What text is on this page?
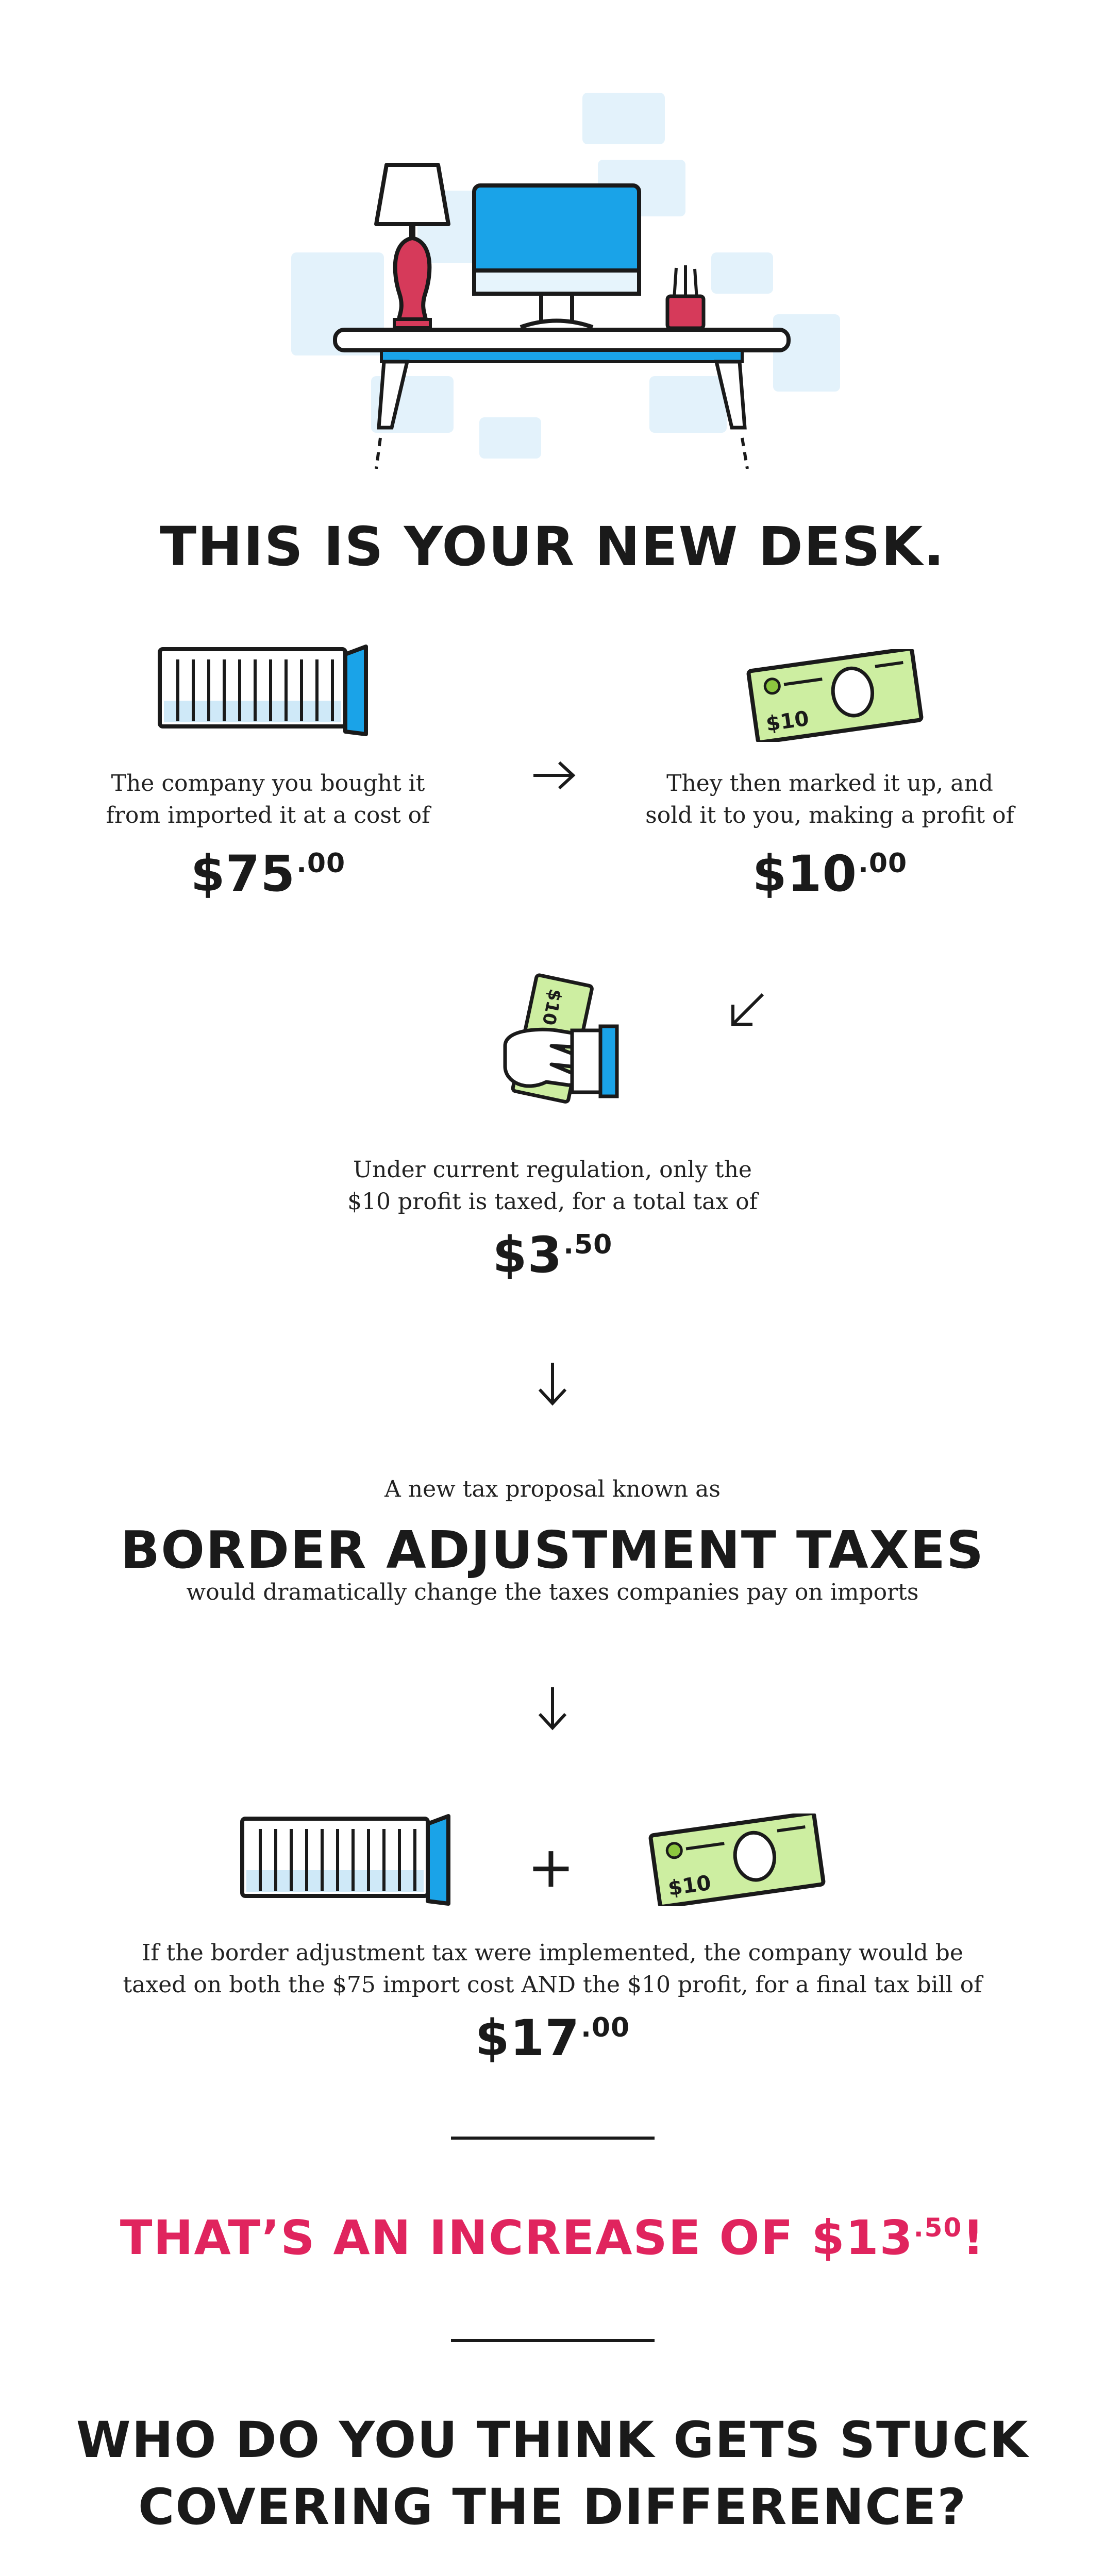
THIS IS YOUR NEW DESK.
The company you bought it
from imported it at a cost of
$\$75^{.00}$
$10
They then marked it up, and
sold it to you, making a profit of
$\$10^{.00}$
$10
Under current regulation, only the
$10 profit is taxed, for a total tax of
$\$3^{.50}$
A new tax proposal known as
BORDER ADJUSTMENT TAXES
would dramatically change the taxes companies pay on imports
+	$10
If the border adjustment tax were implemented, the company would be
taxed on both the $75 import cost AND the $10 profit, for a final tax bill of
$\$17^{.00}$
THAT’S AN INCREASE OF $\$13^{.50}$!
WHO DO YOU THINK GETS STUCK
COVERING THE DIFFERENCE?
